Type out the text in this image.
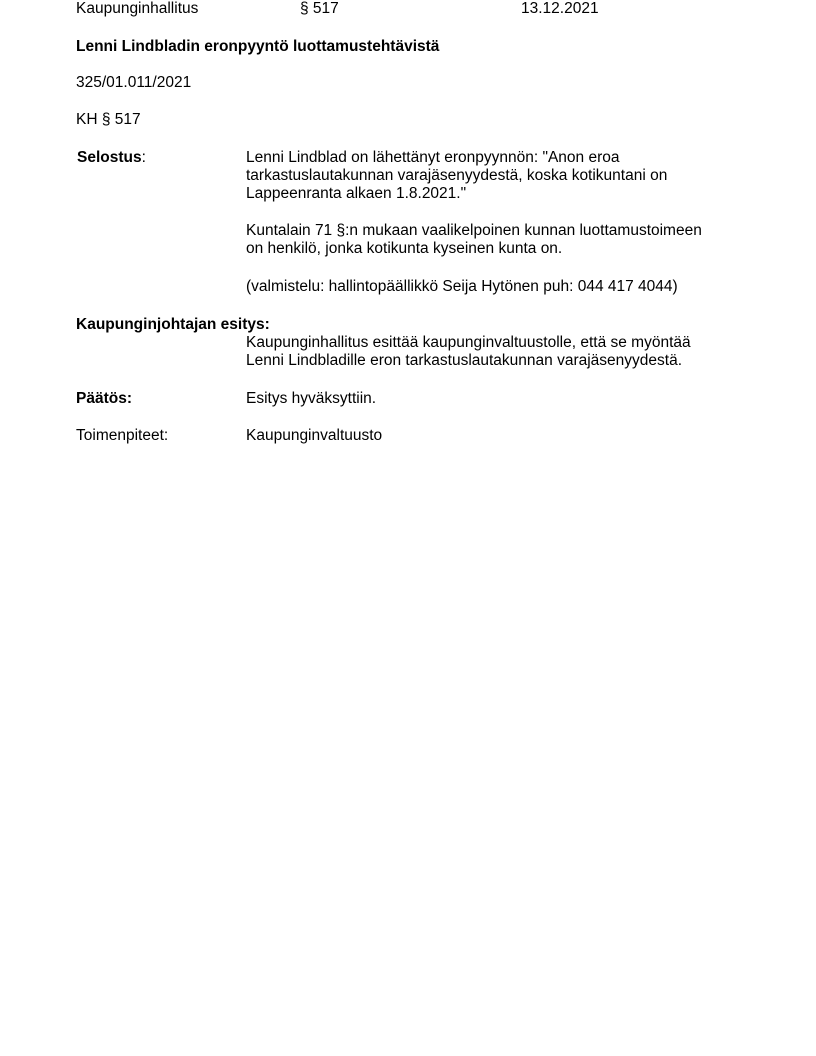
Kaupunginhallitus	§ 517	13.12.2021
Lenni Lindbladin eronpyyntö luottamustehtävistä
325/01.011/2021
KH § 517
Selostus:	Lenni Lindblad on lähettänyt eronpyynnön: "Anon eroa
tarkastuslautakunnan varajäsenyydestä, koska kotikuntani on
Lappeenranta alkaen 1.8.2021."
Kuntalain 71 §:n mukaan vaalikelpoinen kunnan luottamustoimeen
on henkilö, jonka kotikunta kyseinen kunta on.
(valmistelu: hallintopäällikkö Seija Hytönen puh: 044 417 4044)
Kaupunginjohtajan esitys:
Kaupunginhallitus esittää kaupunginvaltuustolle, että se myöntää
Lenni Lindbladille eron tarkastuslautakunnan varajäsenyydestä.
Päätös:	Esitys hyväksyttiin.
Toimenpiteet:	Kaupunginvaltuusto
